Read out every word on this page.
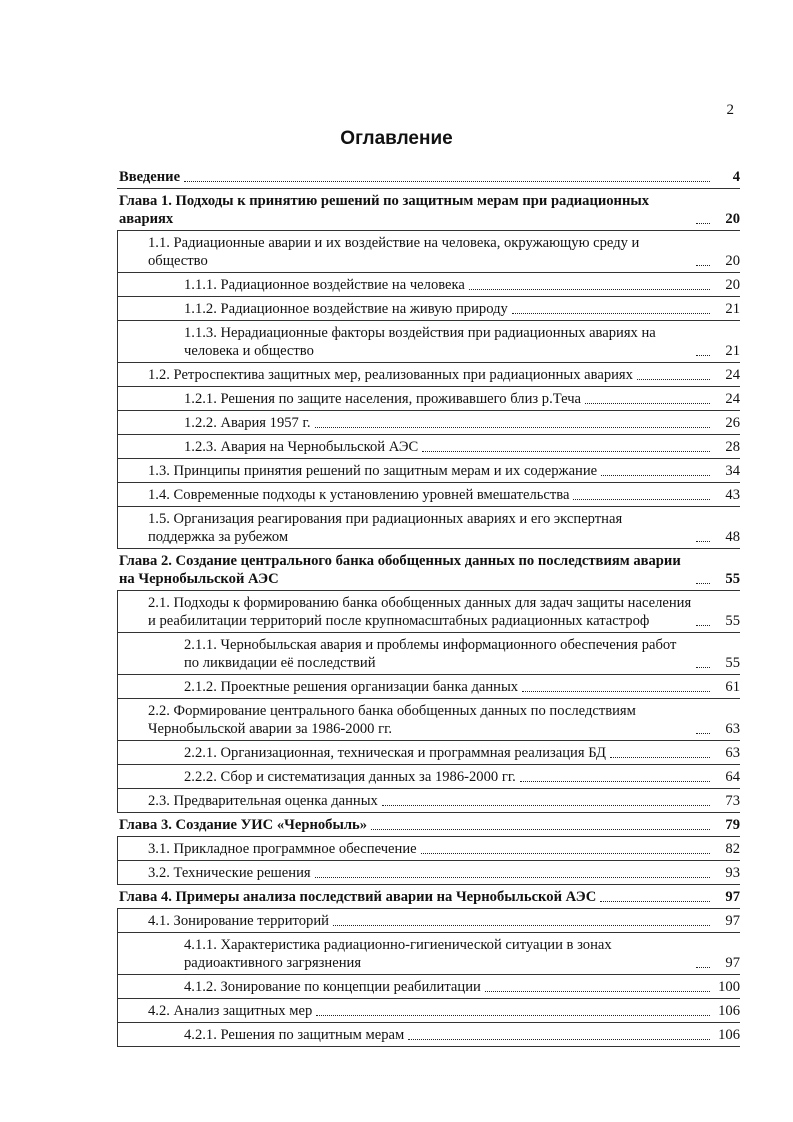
2
Оглавление
Введение	4
Глава 1. Подходы к принятию решений по защитным мерам при радиационных авариях	20
1.1. Радиационные аварии и их воздействие на человека, окружающую среду и общество	20
1.1.1. Радиационное воздействие на человека	20
1.1.2. Радиационное воздействие на живую природу	21
1.1.3. Нерадиационные факторы воздействия при радиационных авариях на человека и общество	21
1.2. Ретроспектива защитных мер, реализованных при радиационных авариях	24
1.2.1. Решения по защите населения, проживавшего близ р.Теча	24
1.2.2. Авария 1957 г.	26
1.2.3. Авария на Чернобыльской АЭС	28
1.3. Принципы принятия решений по защитным мерам и их содержание	34
1.4. Современные подходы к установлению уровней вмешательства	43
1.5. Организация реагирования при радиационных авариях и его экспертная поддержка за рубежом	48
Глава 2. Создание центрального банка обобщенных данных по последствиям аварии на Чернобыльской АЭС	55
2.1. Подходы к формированию банка обобщенных данных для задач защиты населения и реабилитации территорий после крупномасштабных радиационных катастроф	55
2.1.1. Чернобыльская авария и проблемы информационного обеспечения работ по ликвидации её последствий	55
2.1.2. Проектные решения организации банка данных	61
2.2. Формирование центрального банка обобщенных данных по последствиям Чернобыльской аварии за 1986-2000 гг.	63
2.2.1. Организационная, техническая и программная реализация БД	63
2.2.2. Сбор и систематизация данных за 1986-2000 гг.	64
2.3. Предварительная оценка данных	73
Глава 3. Создание УИС «Чернобыль»	79
3.1. Прикладное программное обеспечение	82
3.2. Технические решения	93
Глава 4. Примеры анализа последствий аварии на Чернобыльской АЭС	97
4.1. Зонирование территорий	97
4.1.1. Характеристика радиационно-гигиенической ситуации в зонах радиоактивного загрязнения	97
4.1.2. Зонирование по концепции реабилитации	100
4.2. Анализ защитных мер	106
4.2.1. Решения по защитным мерам	106
